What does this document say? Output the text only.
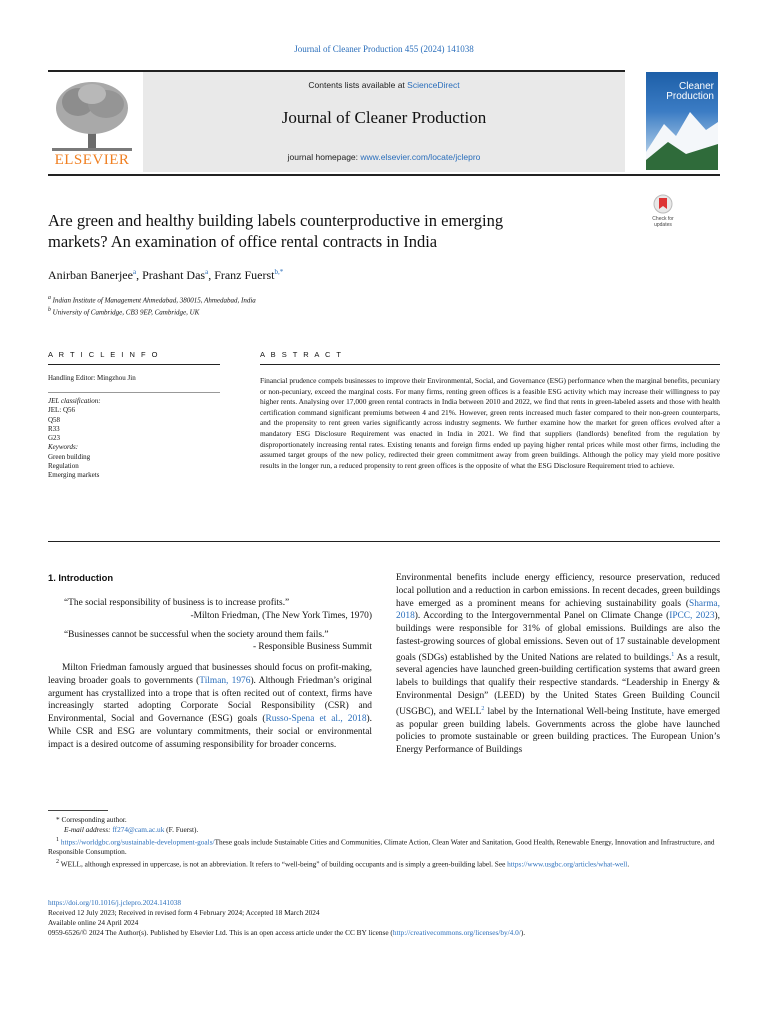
Journal of Cleaner Production 455 (2024) 141038
ELSEVIER
Contents lists available at ScienceDirect
Journal of Cleaner Production
journal homepage: www.elsevier.com/locate/jclepro
Cleaner
Production
Check for
updates
Are green and healthy building labels counterproductive in emerging
markets? An examination of office rental contracts in India
Anirban Banerjee$^a$, Prashant Das$^a$, Franz Fuerst$^{b,*}$
$^a$ Indian Institute of Management Ahmedabad, 380015, Ahmedabad, India
$^b$ University of Cambridge, CB3 9EP, Cambridge, UK
A R T I C L E I N F O
Handling Editor: Mingzhou Jin
JEL classification:
JEL: Q56
Q58
R33
G23
Keywords:
Green building
Regulation
Emerging markets
A B S T R A C T
Financial prudence compels businesses to improve their Environmental, Social, and Governance (ESG) performance when the marginal benefits, pecuniary or non-pecuniary, exceed the marginal costs. For many firms, renting green offices is a feasible ESG activity which may increase their willingness to pay higher rents. Analysing over 17,000 green rental contracts in India between 2010 and 2022, we find that rents in green-labeled assets and those with health certification command significant premiums between 4 and 21%. However, green rents increased much faster compared to their non-green counterparts, and the propensity to rent green varies significantly across industry segments. We further examine how the market for green offices evolved after a mandatory ESG Disclosure Requirement was enacted in India in 2021. We find that suppliers (landlords) benefited from the regulation by disproportionately increasing rental rates. Existing tenants and foreign firms ended up paying higher rental prices while most other firms, including the assumed target groups of the new policy, redirected their green commitment away from green buildings. Although the policy may yield more positive results in the longer run, a reduced propensity to rent green offices is the opposite of what the ESG Disclosure Requirement tried to achieve.
1. Introduction
“The social responsibility of business is to increase profits.”
-Milton Friedman, (The New York Times, 1970)
“Businesses cannot be successful when the society around them fails.”
- Responsible Business Summit
Milton Friedman famously argued that businesses should focus on profit-making, leaving broader goals to governments (Tilman, 1976). Although Friedman’s original argument has crystallized into a trope that is often recited out of context, firms have increasingly started adopting Corporate Social Responsibility (CSR) and Environmental, Social and Governance (ESG) goals (Russo-Spena et al., 2018). While CSR and ESG are voluntary commitments, their social or environmental impact is a desired outcome of assuming responsibility for broader concerns.
Environmental benefits include energy efficiency, resource preservation, reduced local pollution and a reduction in carbon emissions. In recent decades, green buildings have emerged as a prominent means for achieving sustainability goals (Sharma, 2018). According to the Intergovernmental Panel on Climate Change (IPCC, 2023), buildings were responsible for 31% of global emissions. Buildings are also the fastest-growing sources of global emissions. Seven out of 17 sustainable development goals (SDGs) established by the United Nations are related to buildings.$^1$ As a result, several agencies have launched green-building certification systems that award green labels to buildings that qualify their respective standards. “Leadership in Energy & Environmental Design” (LEED) by the United States Green Building Council (USGBC), and WELL$^2$ label by the International Well-being Institute, have emerged as popular green building labels. Governments across the globe have launched policies to promote sustainable or green building practices. The European Union’s Energy Performance of Buildings
* Corresponding author.
E-mail address: ff274@cam.ac.uk (F. Fuerst).
$^1$ https://worldgbc.org/sustainable-development-goals/These goals include Sustainable Cities and Communities, Climate Action, Clean Water and Sanitation, Good Health, Renewable Energy, Innovation and Infrastructure, and Responsible Consumption.
$^2$ WELL, although expressed in uppercase, is not an abbreviation. It refers to “well-being” of building occupants and is simply a green-building label. See https://www.usgbc.org/articles/what-well.
https://doi.org/10.1016/j.jclepro.2024.141038
Received 12 July 2023; Received in revised form 4 February 2024; Accepted 18 March 2024
Available online 24 April 2024
0959-6526/© 2024 The Author(s). Published by Elsevier Ltd. This is an open access article under the CC BY license (http://creativecommons.org/licenses/by/4.0/).
